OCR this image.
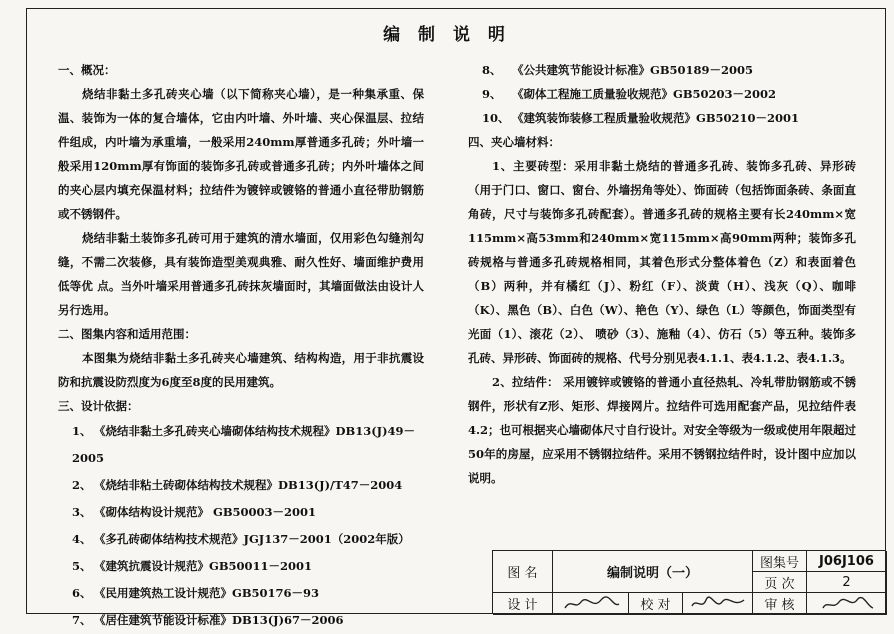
编 制 说 明
一、概况：
烧结非黏土多孔砖夹心墙（以下简称夹心墙），是一种集承重、保温、装饰为一体的复合墙体，它由内叶墙、外叶墙、夹心保温层、拉结件组成，内叶墙为承重墙，一般采用240mm厚普通多孔砖；外叶墙一般采用120mm厚有饰面的装饰多孔砖或普通多孔砖；内外叶墙体之间的夹心层内填充保温材料；拉结件为镀锌或镀铬的普通小直径带肋钢筋或不锈钢件。
烧结非黏土装饰多孔砖可用于建筑的清水墙面，仅用彩色勾缝剂勾缝，不需二次装修，具有装饰造型美观典雅、耐久性好、墙面维护费用低等优 点。当外叶墙采用普通多孔砖抹灰墙面时，其墙面做法由设计人另行选用。
二、图集内容和适用范围：
本图集为烧结非黏土多孔砖夹心墙建筑、结构构造，用于非抗震设防和抗震设防烈度为6度至8度的民用建筑。
三、设计依据：
1、 《烧结非黏土多孔砖夹心墙砌体结构技术规程》DB13(J)49－2005
2、 《烧结非粘土砖砌体结构技术规程》DB13(J)/T47－2004
3、 《砌体结构设计规范》 GB50003－2001
4、 《多孔砖砌体结构技术规范》JGJ137－2001（2002年版）
5、 《建筑抗震设计规范》GB50011－2001
6、 《民用建筑热工设计规范》GB50176－93
7、 《居住建筑节能设计标准》DB13(J)67－2006
8、 《公共建筑节能设计标准》GB50189－2005
9、 《砌体工程施工质量验收规范》GB50203－2002
10、 《建筑装饰装修工程质量验收规范》GB50210－2001
四、夹心墙材料：
1、主要砖型：采用非黏土烧结的普通多孔砖、装饰多孔砖、异形砖（用于门口、窗口、窗台、外墙拐角等处）、饰面砖（包括饰面条砖、条面直角砖，尺寸与装饰多孔砖配套）。普通多孔砖的规格主要有长240mm×宽115mm×高53mm和240mm×宽115mm×高90mm两种；装饰多孔砖规格与普通多孔砖规格相同，其着色形式分整体着色（Z）和表面着色（B）两种，并有橘红（J）、粉红（F）、淡黄（H）、浅灰（Q）、咖啡（K）、黑色（B）、白色（W）、艳色（Y）、绿色（L）等颜色，饰面类型有光面（1）、滚花（2）、 喷砂（3）、施釉（4）、仿石（5）等五种。装饰多孔砖、异形砖、饰面砖的规格、代号分别见表4.1.1、表4.1.2、表4.1.3。
2、拉结件： 采用镀锌或镀铬的普通小直径热轧、冷轧带肋钢筋或不锈钢件，形状有Z形、矩形、焊接网片。拉结件可选用配套产品，见拉结件表4.2；也可根据夹心墙砌体尺寸自行设计。对安全等级为一级或使用年限超过 50年的房屋，应采用不锈钢拉结件。采用不锈钢拉结件时，设计图中应加以说明。
图 名	编制说明（一）
图集号	J06J106
页 次	2
设 计	校 对	审 核
